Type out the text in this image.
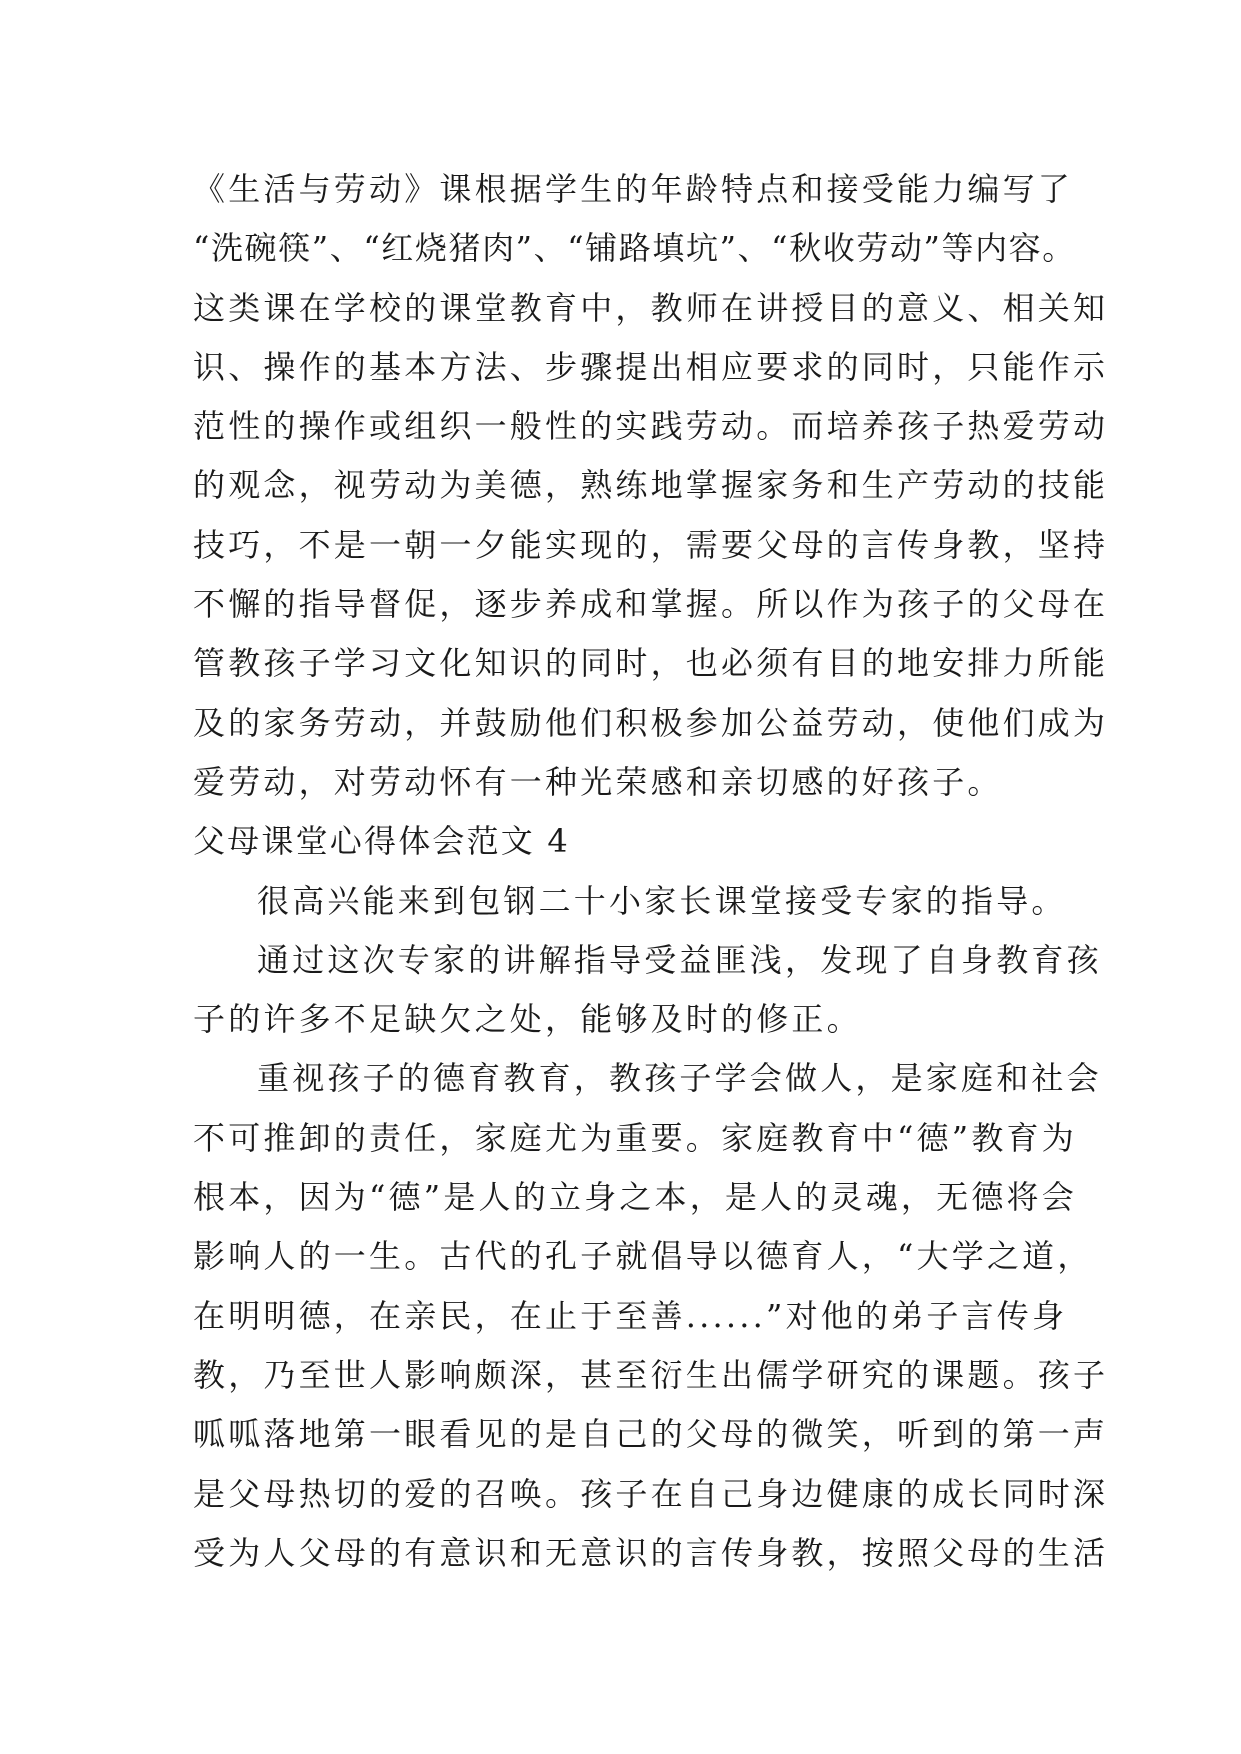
《生活与劳动》课根据学生的年龄特点和接受能力编写了
“洗碗筷”、“红烧猪肉”、“铺路填坑”、“秋收劳动”等内容。
这类课在学校的课堂教育中，教师在讲授目的意义、相关知
识、操作的基本方法、步骤提出相应要求的同时，只能作示
范性的操作或组织一般性的实践劳动。而培养孩子热爱劳动
的观念，视劳动为美德，熟练地掌握家务和生产劳动的技能
技巧，不是一朝一夕能实现的，需要父母的言传身教，坚持
不懈的指导督促，逐步养成和掌握。所以作为孩子的父母在
管教孩子学习文化知识的同时，也必须有目的地安排力所能
及的家务劳动，并鼓励他们积极参加公益劳动，使他们成为
爱劳动，对劳动怀有一种光荣感和亲切感的好孩子。
父母课堂心得体会范文 4
很高兴能来到包钢二十小家长课堂接受专家的指导。
通过这次专家的讲解指导受益匪浅，发现了自身教育孩
子的许多不足缺欠之处，能够及时的修正。
重视孩子的德育教育，教孩子学会做人，是家庭和社会
不可推卸的责任，家庭尤为重要。家庭教育中“德”教育为
根本，因为“德”是人的立身之本，是人的灵魂，无德将会
影响人的一生。古代的孔子就倡导以德育人，“大学之道，
在明明德，在亲民，在止于至善......”对他的弟子言传身
教，乃至世人影响颇深，甚至衍生出儒学研究的课题。孩子
呱呱落地第一眼看见的是自己的父母的微笑，听到的第一声
是父母热切的爱的召唤。孩子在自己身边健康的成长同时深
受为人父母的有意识和无意识的言传身教，按照父母的生活
